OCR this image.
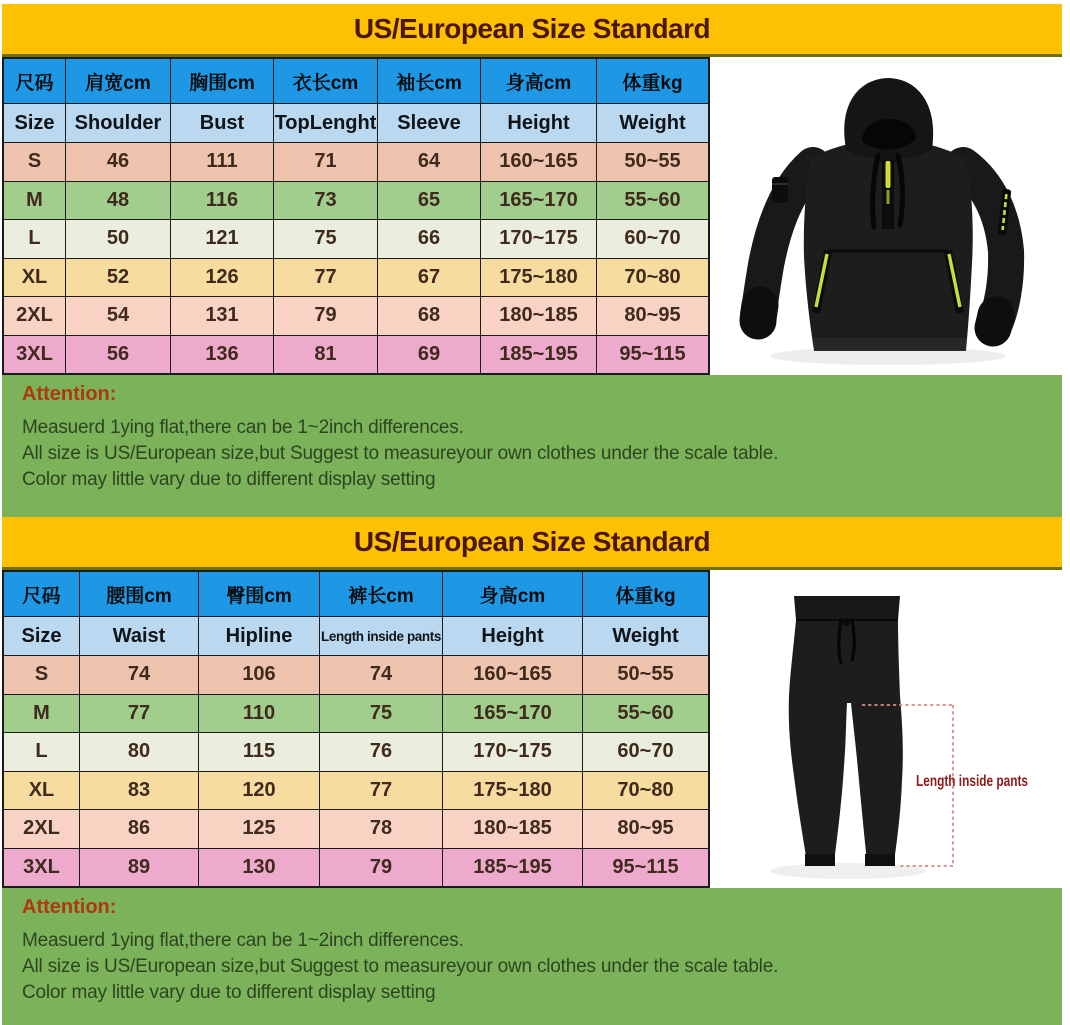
US/European Size Standard
尺码	肩宽cm	胸围cm	衣长cm	袖长cm	身高cm	体重kg
Size	Shoulder	Bust	TopLenght	Sleeve	Height	Weight
S	46	111	71	64	160~165	50~55
M	48	116	73	65	165~170	55~60
L	50	121	75	66	170~175	60~70
XL	52	126	77	67	175~180	70~80
2XL	54	131	79	68	180~185	80~95
3XL	56	136	81	69	185~195	95~115
Attention:
Measuerd 1ying flat,there can be 1~2inch differences.
All size is US/European size,but Suggest to measureyour own clothes under the scale table.
Color may little vary due to different display setting
US/European Size Standard
尺码	腰围cm	臀围cm	裤长cm	身高cm	体重kg
Size	Waist	Hipline	Length inside pants	Height	Weight
S	74	106	74	160~165	50~55
M	77	110	75	165~170	55~60
L	80	115	76	170~175	60~70
XL	83	120	77	175~180	70~80
2XL	86	125	78	180~185	80~95
3XL	89	130	79	185~195	95~115
Length inside pants
Attention:
Measuerd 1ying flat,there can be 1~2inch differences.
All size is US/European size,but Suggest to measureyour own clothes under the scale table.
Color may little vary due to different display setting
